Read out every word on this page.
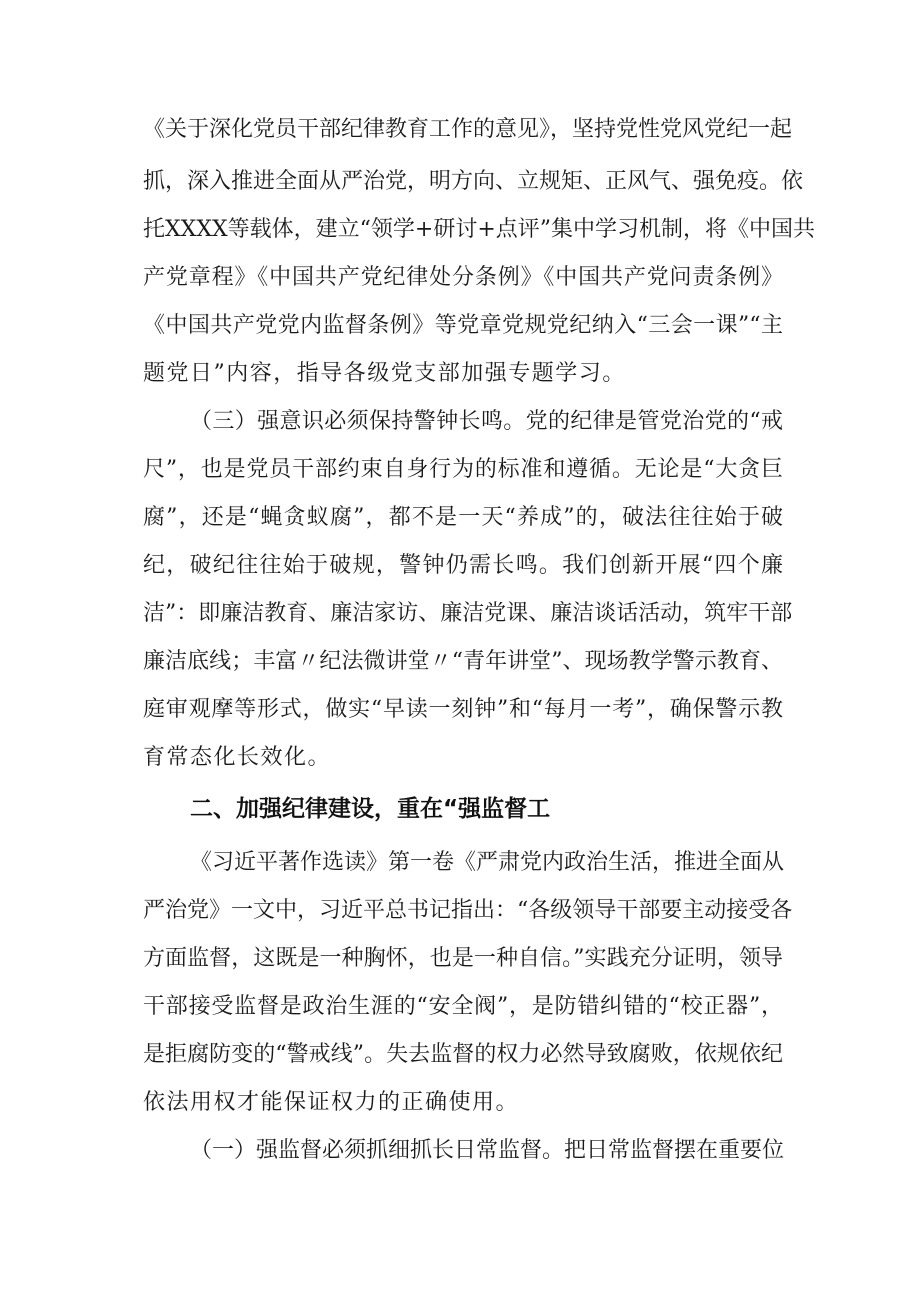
《关于深化党员干部纪律教育工作的意见》，坚持党性党风党纪一起
抓，深入推进全面从严治党，明方向、立规矩、正风气、强免疫。依
托XXXX等载体，建立“领学+研讨+点评”集中学习机制，将《中国共
产党章程》《中国共产党纪律处分条例》《中国共产党问责条例》
《中国共产党党内监督条例》等党章党规党纪纳入“三会一课”“主
题党日”内容，指导各级党支部加强专题学习。
（三）强意识必须保持警钟长鸣。党的纪律是管党治党的“戒
尺”，也是党员干部约束自身行为的标准和遵循。无论是“大贪巨
腐”，还是“蝇贪蚁腐”，都不是一天“养成”的，破法往往始于破
纪，破纪往往始于破规，警钟仍需长鸣。我们创新开展“四个廉
洁”：即廉洁教育、廉洁家访、廉洁党课、廉洁谈话活动，筑牢干部
廉洁底线；丰富〃纪法微讲堂〃“青年讲堂”、现场教学警示教育、
庭审观摩等形式，做实“早读一刻钟”和“每月一考”，确保警示教
育常态化长效化。
二、加强纪律建设，重在“强监督工
《习近平著作选读》第一卷《严肃党内政治生活，推进全面从
严治党》一文中，习近平总书记指出：“各级领导干部要主动接受各
方面监督，这既是一种胸怀，也是一种自信。”实践充分证明，领导
干部接受监督是政治生涯的“安全阀”，是防错纠错的“校正器”，
是拒腐防变的“警戒线”。失去监督的权力必然导致腐败，依规依纪
依法用权才能保证权力的正确使用。
（一）强监督必须抓细抓长日常监督。把日常监督摆在重要位
